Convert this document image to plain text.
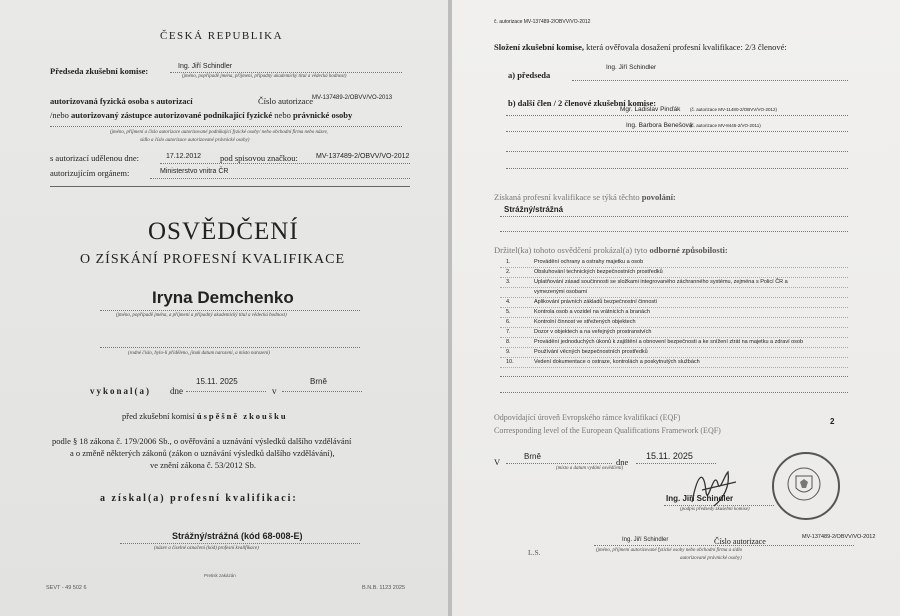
ČESKÁ REPUBLIKA
Předseda zkušební komise:	Ing. Jiří Schindler
(jméno, popřípadě jména, příjmení, případný akademický titul a vědecká hodnost)
autorizovaná fyzická osoba s autorizací	Číslo autorizace MV-137489-2/OBVV/VO-2013
/nebo autorizovaný zástupce autorizované podnikající fyzické nebo právnické osoby
(jméno, příjmení a číslo autorizace autorizované podnikající fyzické osoby/ nebo obchodní firma nebo název,
sídlo a číslo autorizace autorizované právnické osoby)
s autorizací udělenou dne:	17.12.2012 pod spisovou značkou:	MV-137489-2/OBVV/VO-2012
autorizujícím orgánem:	Ministerstvo vnitra ČR
OSVĚDČENÍ
O ZÍSKÁNÍ PROFESNÍ KVALIFIKACE
Iryna Demchenko
(jméno, popřípadě jména, a příjmení a případný akademický titul a vědecká hodnost)
(rodné číslo, bylo-li přiděleno, jinak datum narození, a místo narození)
vykonal(a) dne
15.11. 2025
v
Brně
před zkušební komisí úspěšně zkoušku
podle § 18 zákona č. 179/2006 Sb., o ověřování a uznávání výsledků dalšího vzdělávání
a o změně některých zákonů (zákon o uznávání výsledků dalšího vzdělávání),
ve znění zákona č. 53/2012 Sb.
a získal(a) profesní kvalifikaci:
Strážný/strážná (kód 68-008-E)
(název a číselné označení (kód) profesní kvalifikace)
Pretisk zakázán
SEVT - 49 502 6	B.N.B. 1123 2025
č. autorizace MV-137489-2/OBVV/VO-2012
Složení zkušební komise, která ověřovala dosažení profesní kvalifikace: 2/3 členové:
a) předseda
Ing. Jiří Schindler
b) další člen / 2 členové zkušební komise:
Mgr. Ladislav Pinďák (č. autorizace MV-11480-2/OBVV/VO-2012)
Ing. Barbora Benešová
(č. autorizace MV-8445-2/VO-2011)
Získaná profesní kvalifikace se týká těchto povolání:
Strážný/strážná
Držitel(ka) tohoto osvědčení prokázal(a) tyto odborné způsobilosti:
1.	Provádění ochrany a ostrahy majetku a osob
2.	Obsluhování technických bezpečnostních prostředků
3.	Uplatňování zásad součinnosti se složkami integrovaného záchranného systému, zejména s Policí ČR a
vymezenými osobami
4.	Aplikování právních základů bezpečnostní činnosti
5.	Kontrola osob a vozidel na vrátnicích a branách
6.	Kontrolní činnost ve střežených objektech
7.	Dozor v objektech a na veřejných prostranstvích
8.	Provádění jednoduchých úkonů k zajištění a obnovení bezpečnosti a ke snížení ztrát na majetku a zdraví osob
9.	Používání věcných bezpečnostních prostředků
10.	Vedení dokumentace o ostraze, kontrolách a poskytnutých službách
Odpovídající úroveň Evropského rámce kvalifikací (EQF)
Corresponding level of the European Qualifications Framework (EQF)
2
V
Brně
dne
15.11. 2025
(místo a datum vydání osvědčení)
Ing. Jiří Schindler
(podpis předsedy zkušební komise)
L.S.
Ing. Jiří Schindler	Číslo autorizace	MV-137489-2/OBVV/VO-2012
(jméno, příjmení autorizované fyzické osoby nebo obchodní firma a sídlo
autorizované právnické osoby)
